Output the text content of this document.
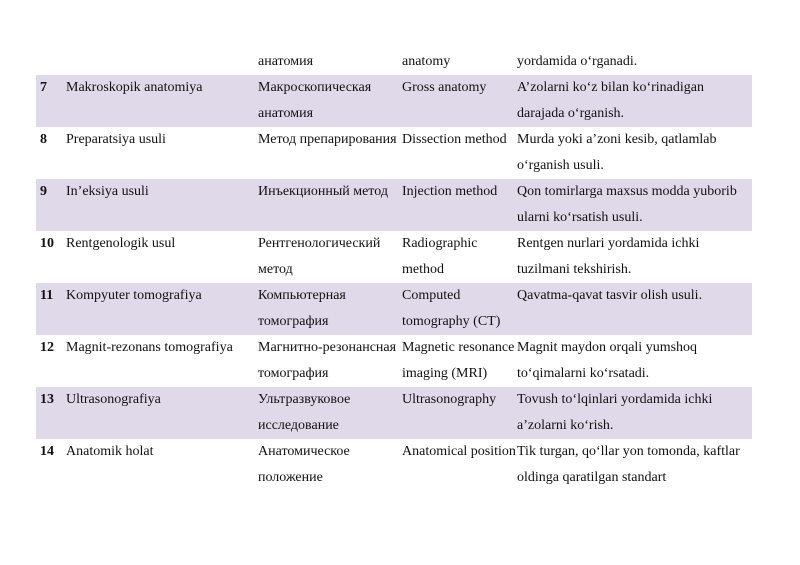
		анатомия	anatomy	yordamida o‘rganadi.
7	Makroskopik anatomiya	Макроскопическая анатомия	Gross anatomy	A’zolarni ko‘z bilan ko‘rinadigan darajada o‘rganish.
8	Preparatsiya usuli	Метод препарирования	Dissection method	Murda yoki a’zoni kesib, qatlamlab o‘rganish usuli.
9	In’eksiya usuli	Инъекционный метод	Injection method	Qon tomirlarga maxsus modda yuborib ularni ko‘rsatish usuli.
10	Rentgenologik usul	Рентгенологический метод	Radiographic method	Rentgen nurlari yordamida ichki tuzilmani tekshirish.
11	Kompyuter tomografiya	Компьютерная томография	Computed tomography (CT)	Qavatma-qavat tasvir olish usuli.
12	Magnit-rezonans tomografiya	Магнитно-резонансная томография	Magnetic resonance imaging (MRI)	Magnit maydon orqali yumshoq to‘qimalarni ko‘rsatadi.
13	Ultrasonografiya	Ультразвуковое исследование	Ultrasonography	Tovush to‘lqinlari yordamida ichki a’zolarni ko‘rish.
14	Anatomik holat	Анатомическое положение	Anatomical position	Tik turgan, qo‘llar yon tomonda, kaftlar oldinga qaratilgan standart
